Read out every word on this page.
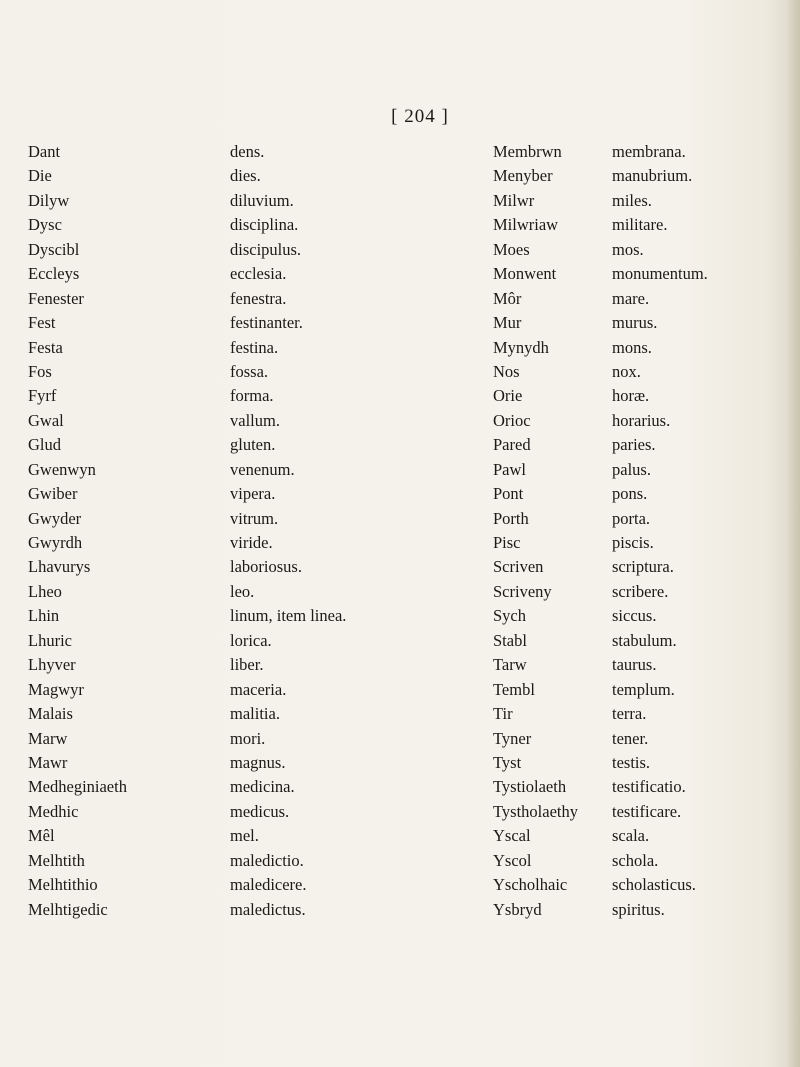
[ 204 ]
Dant	dens.	Membrwn	membrana.
Die	dies.	Menyber	manubrium.
Dilyw	diluvium.	Milwr	miles.
Dysc	disciplina.	Milwriaw	militare.
Dyscibl	discipulus.	Moes	mos.
Eccleys	ecclesia.	Monwent	monumentum.
Fenester	fenestra.	Môr	mare.
Fest	festinanter.	Mur	murus.
Festa	festina.	Mynydh	mons.
Fos	fossa.	Nos	nox.
Fyrf	forma.	Orie	horæ.
Gwal	vallum.	Orioc	horarius.
Glud	gluten.	Pared	paries.
Gwenwyn	venenum.	Pawl	palus.
Gwiber	vipera.	Pont	pons.
Gwyder	vitrum.	Porth	porta.
Gwyrdh	viride.	Pisc	piscis.
Lhavurys	laboriosus.	Scriven	scriptura.
Lheo	leo.	Scriveny	scribere.
Lhin	linum, item linea.	Sych	siccus.
Lhuric	lorica.	Stabl	stabulum.
Lhyver	liber.	Tarw	taurus.
Magwyr	maceria.	Tembl	templum.
Malais	malitia.	Tir	terra.
Marw	mori.	Tyner	tener.
Mawr	magnus.	Tyst	testis.
Medheginiaeth	medicina.	Tystiolaeth	testificatio.
Medhic	medicus.	Tystholaethy testificare.
Mêl	mel.	Yscal	scala.
Melhtith	maledictio.	Yscol	schola.
Melhtithio	maledicere.	Yscholhaic	scholasticus.
Melhtigedic	maledictus.	Ysbryd	spiritus.
